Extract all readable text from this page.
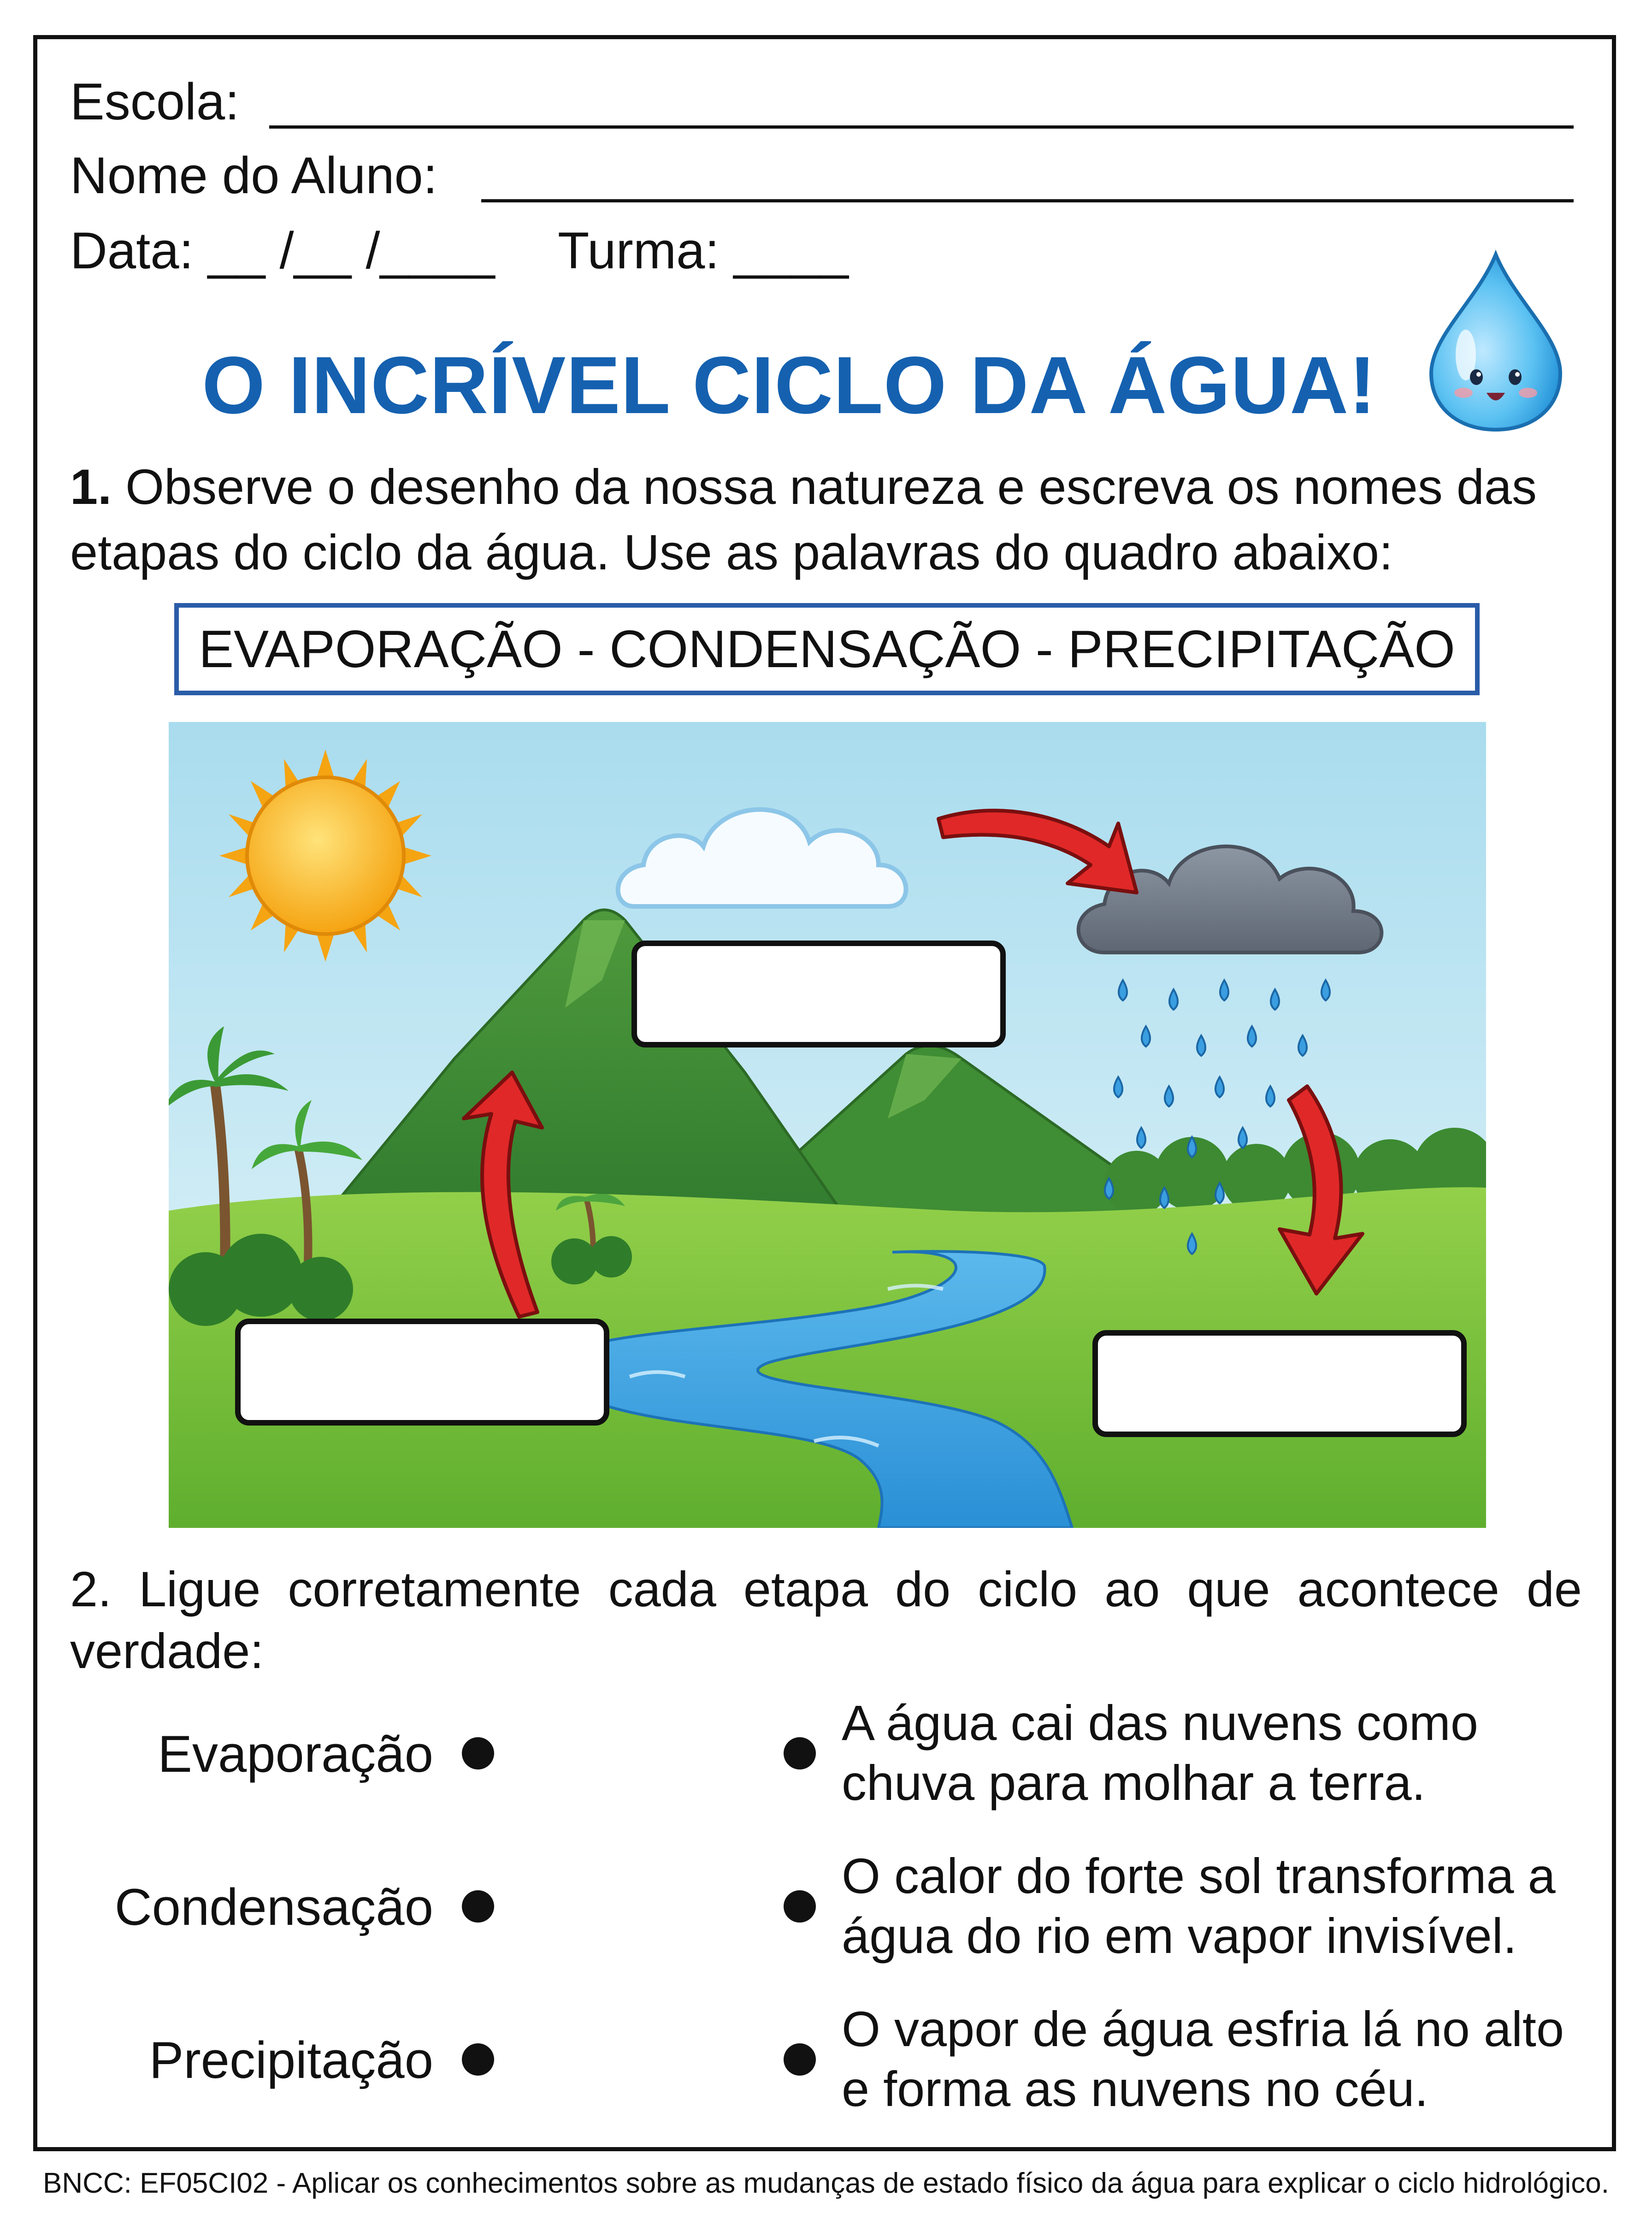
Escola:
Nome do Aluno:
Data: __ /__ /____ Turma: ____
O INCRÍVEL CICLO DA ÁGUA!
1. Observe o desenho da nossa natureza e escreva os nomes das etapas do ciclo da água. Use as palavras do quadro abaixo:
EVAPORAÇÃO - CONDENSAÇÃO - PRECIPITAÇÃO
2. Ligue corretamente cada etapa do ciclo ao que acontece de verdade:
Evaporação
Condensação
Precipitação
A água cai das nuvens como
chuva para molhar a terra.
O calor do forte sol transforma a
água do rio em vapor invisível.
O vapor de água esfria lá no alto
e forma as nuvens no céu.
BNCC: EF05CI02 - Aplicar os conhecimentos sobre as mudanças de estado físico da água para explicar o ciclo hidrológico.
